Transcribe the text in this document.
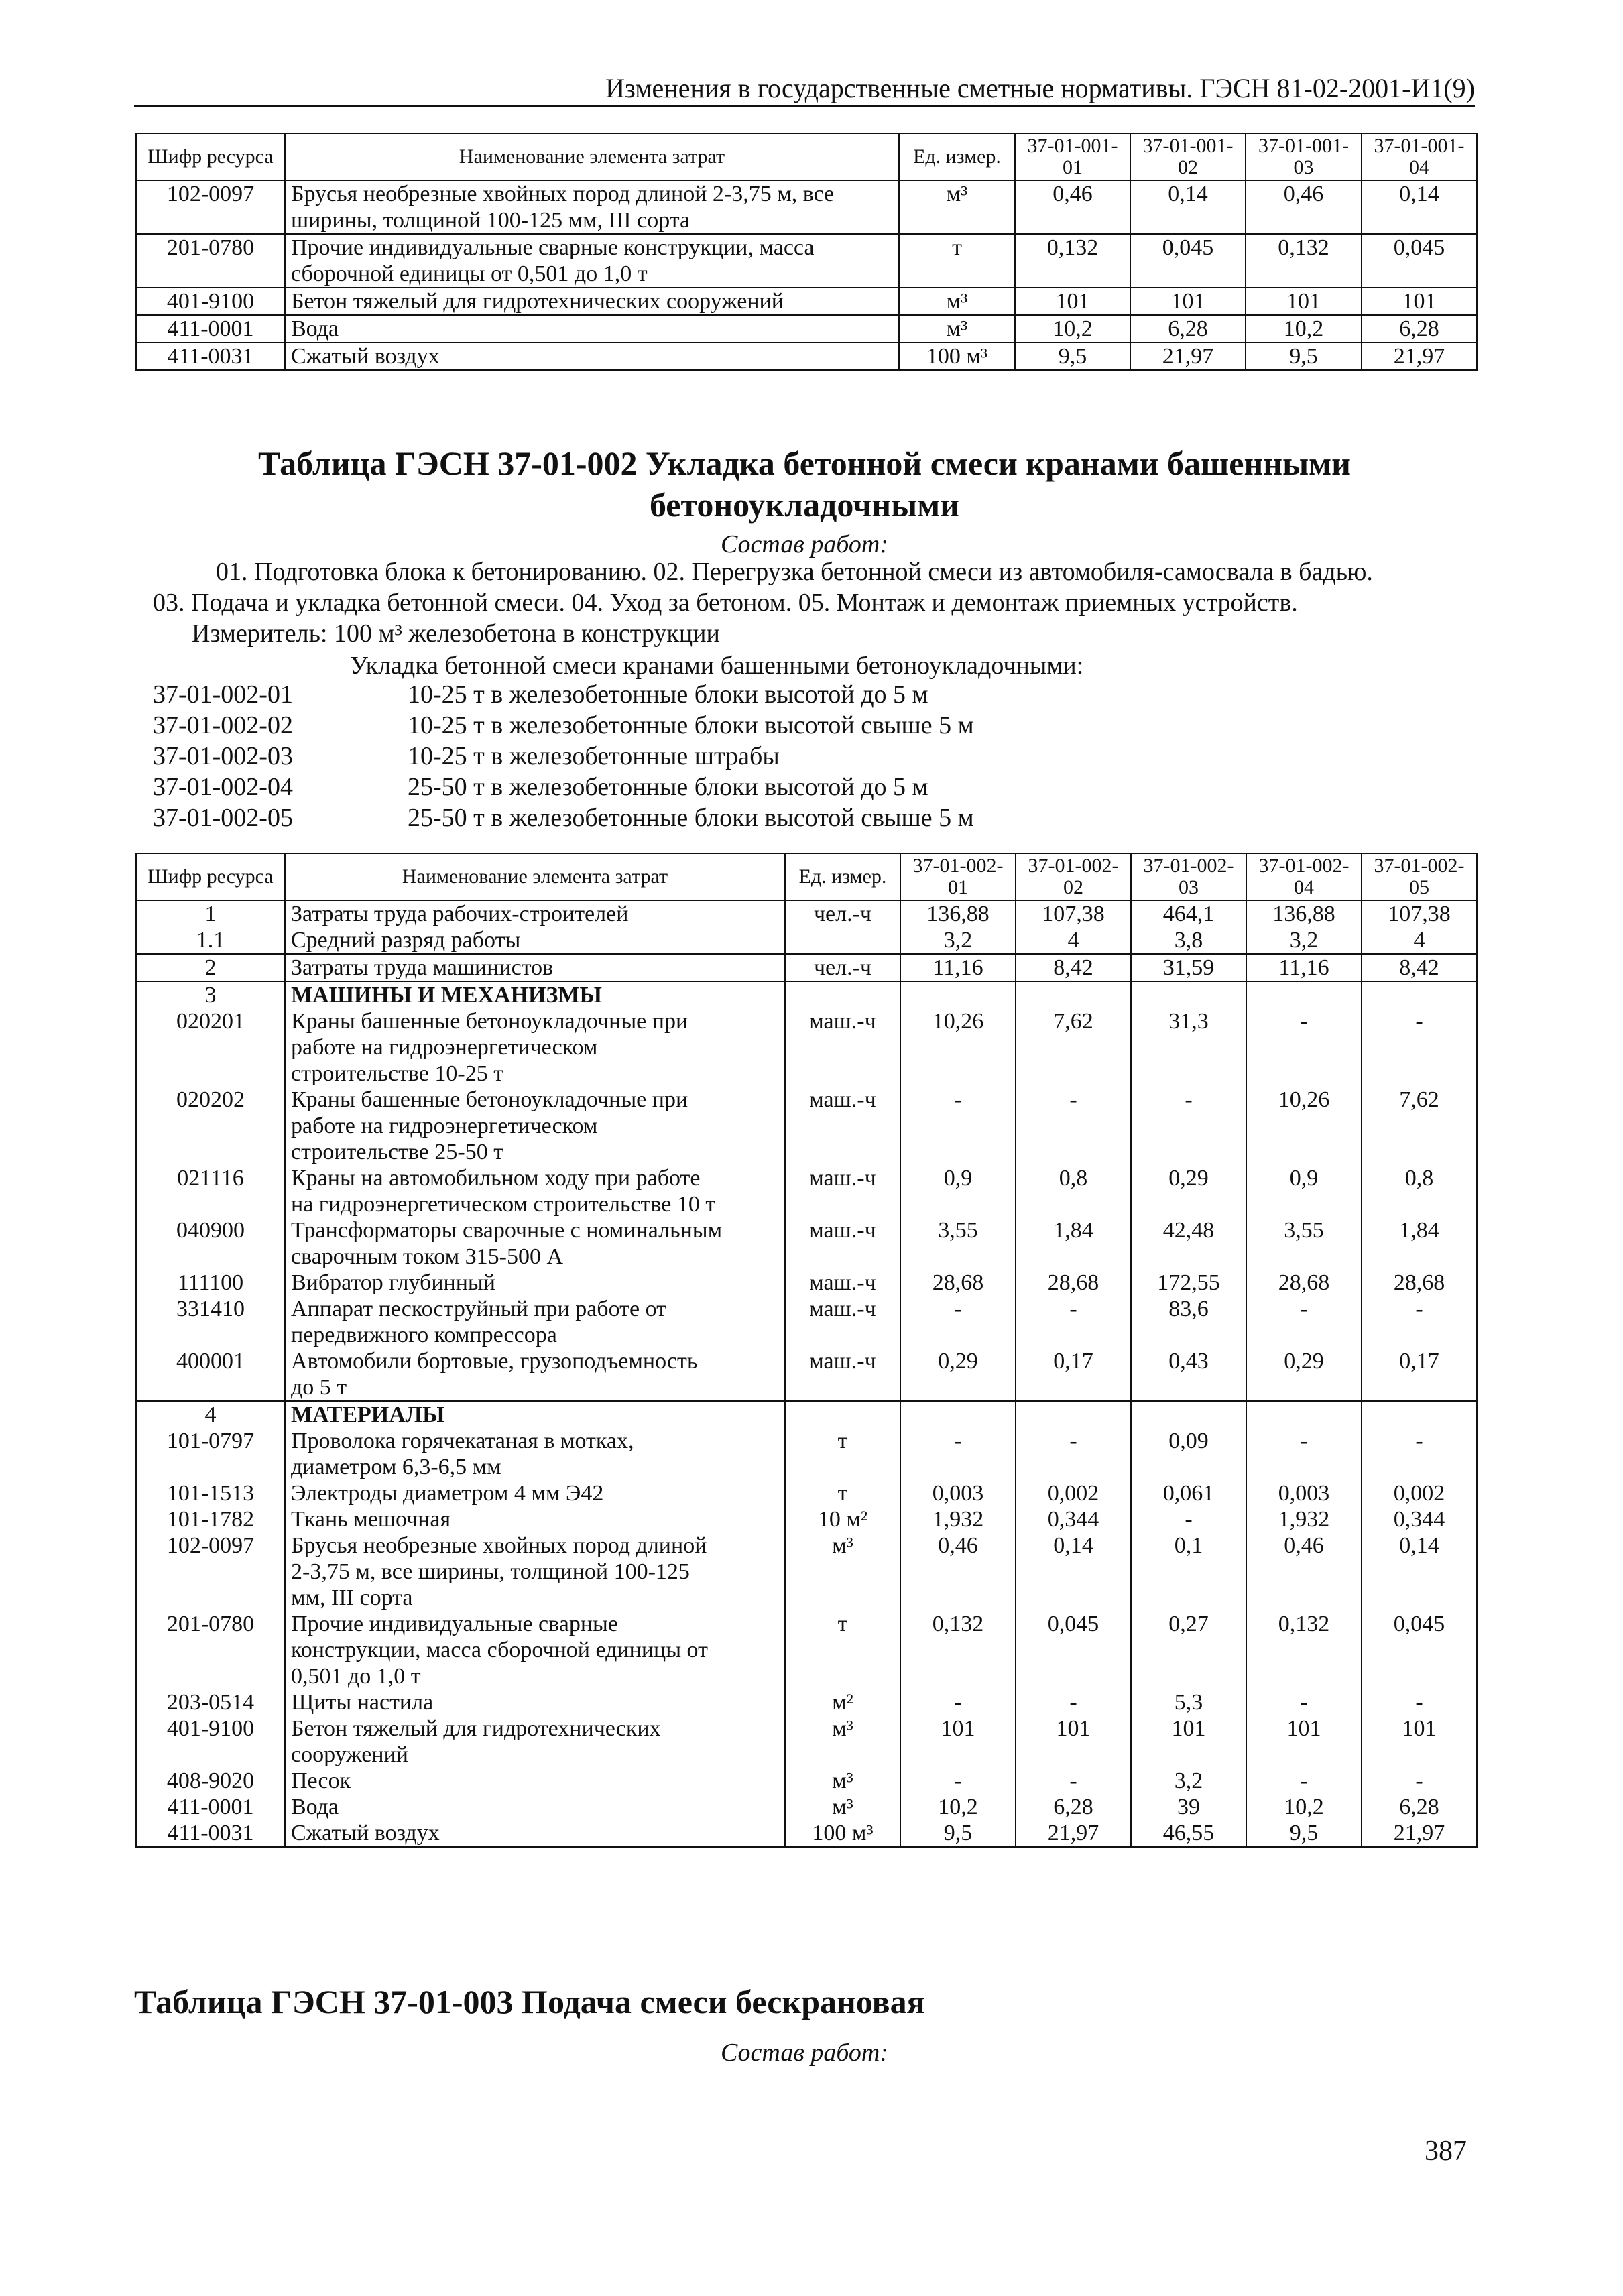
Изменения в государственные сметные нормативы. ГЭСН 81-02-2001-И1(9)
Шифр ресурса	Наименование элемента затрат	Ед. измер.	37-01-001-01	37-01-001-02	37-01-001-03	37-01-001-04
102-0097	Брусья необрезные хвойных пород длиной 2-3,75 м, все
ширины, толщиной 100-125 мм, III сорта	м³	0,46	0,14	0,46	0,14
201-0780	Прочие индивидуальные сварные конструкции, масса
сборочной единицы от 0,501 до 1,0 т	т	0,132	0,045	0,132	0,045
401-9100	Бетон тяжелый для гидротехнических сооружений	м³	101	101	101	101
411-0001	Вода	м³	10,2	6,28	10,2	6,28
411-0031	Сжатый воздух	100 м³	9,5	21,97	9,5	21,97
Таблица ГЭСН 37-01-002 Укладка бетонной смеси кранами башенными
бетоноукладочными
Состав работ:
01. Подготовка блока к бетонированию. 02. Перегрузка бетонной смеси из автомобиля-самосвала в бадью.
03. Подача и укладка бетонной смеси. 04. Уход за бетоном. 05. Монтаж и демонтаж приемных устройств.
Измеритель: 100 м³ железобетона в конструкции
Укладка бетонной смеси кранами башенными бетоноукладочными:
37-01-002-01	10-25 т в железобетонные блоки высотой до 5 м
37-01-002-02	10-25 т в железобетонные блоки высотой свыше 5 м
37-01-002-03	10-25 т в железобетонные штрабы
37-01-002-04	25-50 т в железобетонные блоки высотой до 5 м
37-01-002-05	25-50 т в железобетонные блоки высотой свыше 5 м
Шифр ресурса	Наименование элемента затрат	Ед. измер.	37-01-002-01	37-01-002-02	37-01-002-03	37-01-002-04	37-01-002-05
1	Затраты труда рабочих-строителей	чел.-ч	136,88	107,38	464,1	136,88	107,38
1.1	Средний разряд работы		3,2	4	3,8	3,2	4
2	Затраты труда машинистов	чел.-ч	11,16	8,42	31,59	11,16	8,42
3	МАШИНЫ И МЕХАНИЗМЫ						

020201	Краны башенные бетоноукладочные при
работе на гидроэнергетическом
строительстве 10-25 т	маш.-ч	10,26	7,62	31,3	-	-
020202	Краны башенные бетоноукладочные при
работе на гидроэнергетическом
строительстве 25-50 т	маш.-ч	-	-	-	10,26	7,62
021116	Краны на автомобильном ходу при работе
на гидроэнергетическом строительстве 10 т	маш.-ч	0,9	0,8	0,29	0,9	0,8
040900	Трансформаторы сварочные с номинальным
сварочным током 315-500 А	маш.-ч	3,55	1,84	42,48	3,55	1,84
111100	Вибратор глубинный	маш.-ч	28,68	28,68	172,55	28,68	28,68
331410	Аппарат пескоструйный при работе от
передвижного компрессора	маш.-ч	-	-	83,6	-	-
400001	Автомобили бортовые, грузоподъемность
до 5 т	маш.-ч	0,29	0,17	0,43	0,29	0,17
4	МАТЕРИАЛЫ						

101-0797	Проволока горячекатаная в мотках,
диаметром 6,3-6,5 мм	т	-	-	0,09	-	-
101-1513	Электроды диаметром 4 мм Э42	т	0,003	0,002	0,061	0,003	0,002
101-1782	Ткань мешочная	10 м²	1,932	0,344	-	1,932	0,344
102-0097	Брусья необрезные хвойных пород длиной
2-3,75 м, все ширины, толщиной 100-125
мм, III сорта	м³	0,46	0,14	0,1	0,46	0,14
201-0780	Прочие индивидуальные сварные
конструкции, масса сборочной единицы от
0,501 до 1,0 т	т	0,132	0,045	0,27	0,132	0,045
203-0514	Щиты настила	м²	-	-	5,3	-	-
401-9100	Бетон тяжелый для гидротехнических
сооружений	м³	101	101	101	101	101
408-9020	Песок	м³	-	-	3,2	-	-
411-0001	Вода	м³	10,2	6,28	39	10,2	6,28
411-0031	Сжатый воздух	100 м³	9,5	21,97	46,55	9,5	21,97
Таблица ГЭСН 37-01-003 Подача смеси бескрановая
Состав работ:
387
